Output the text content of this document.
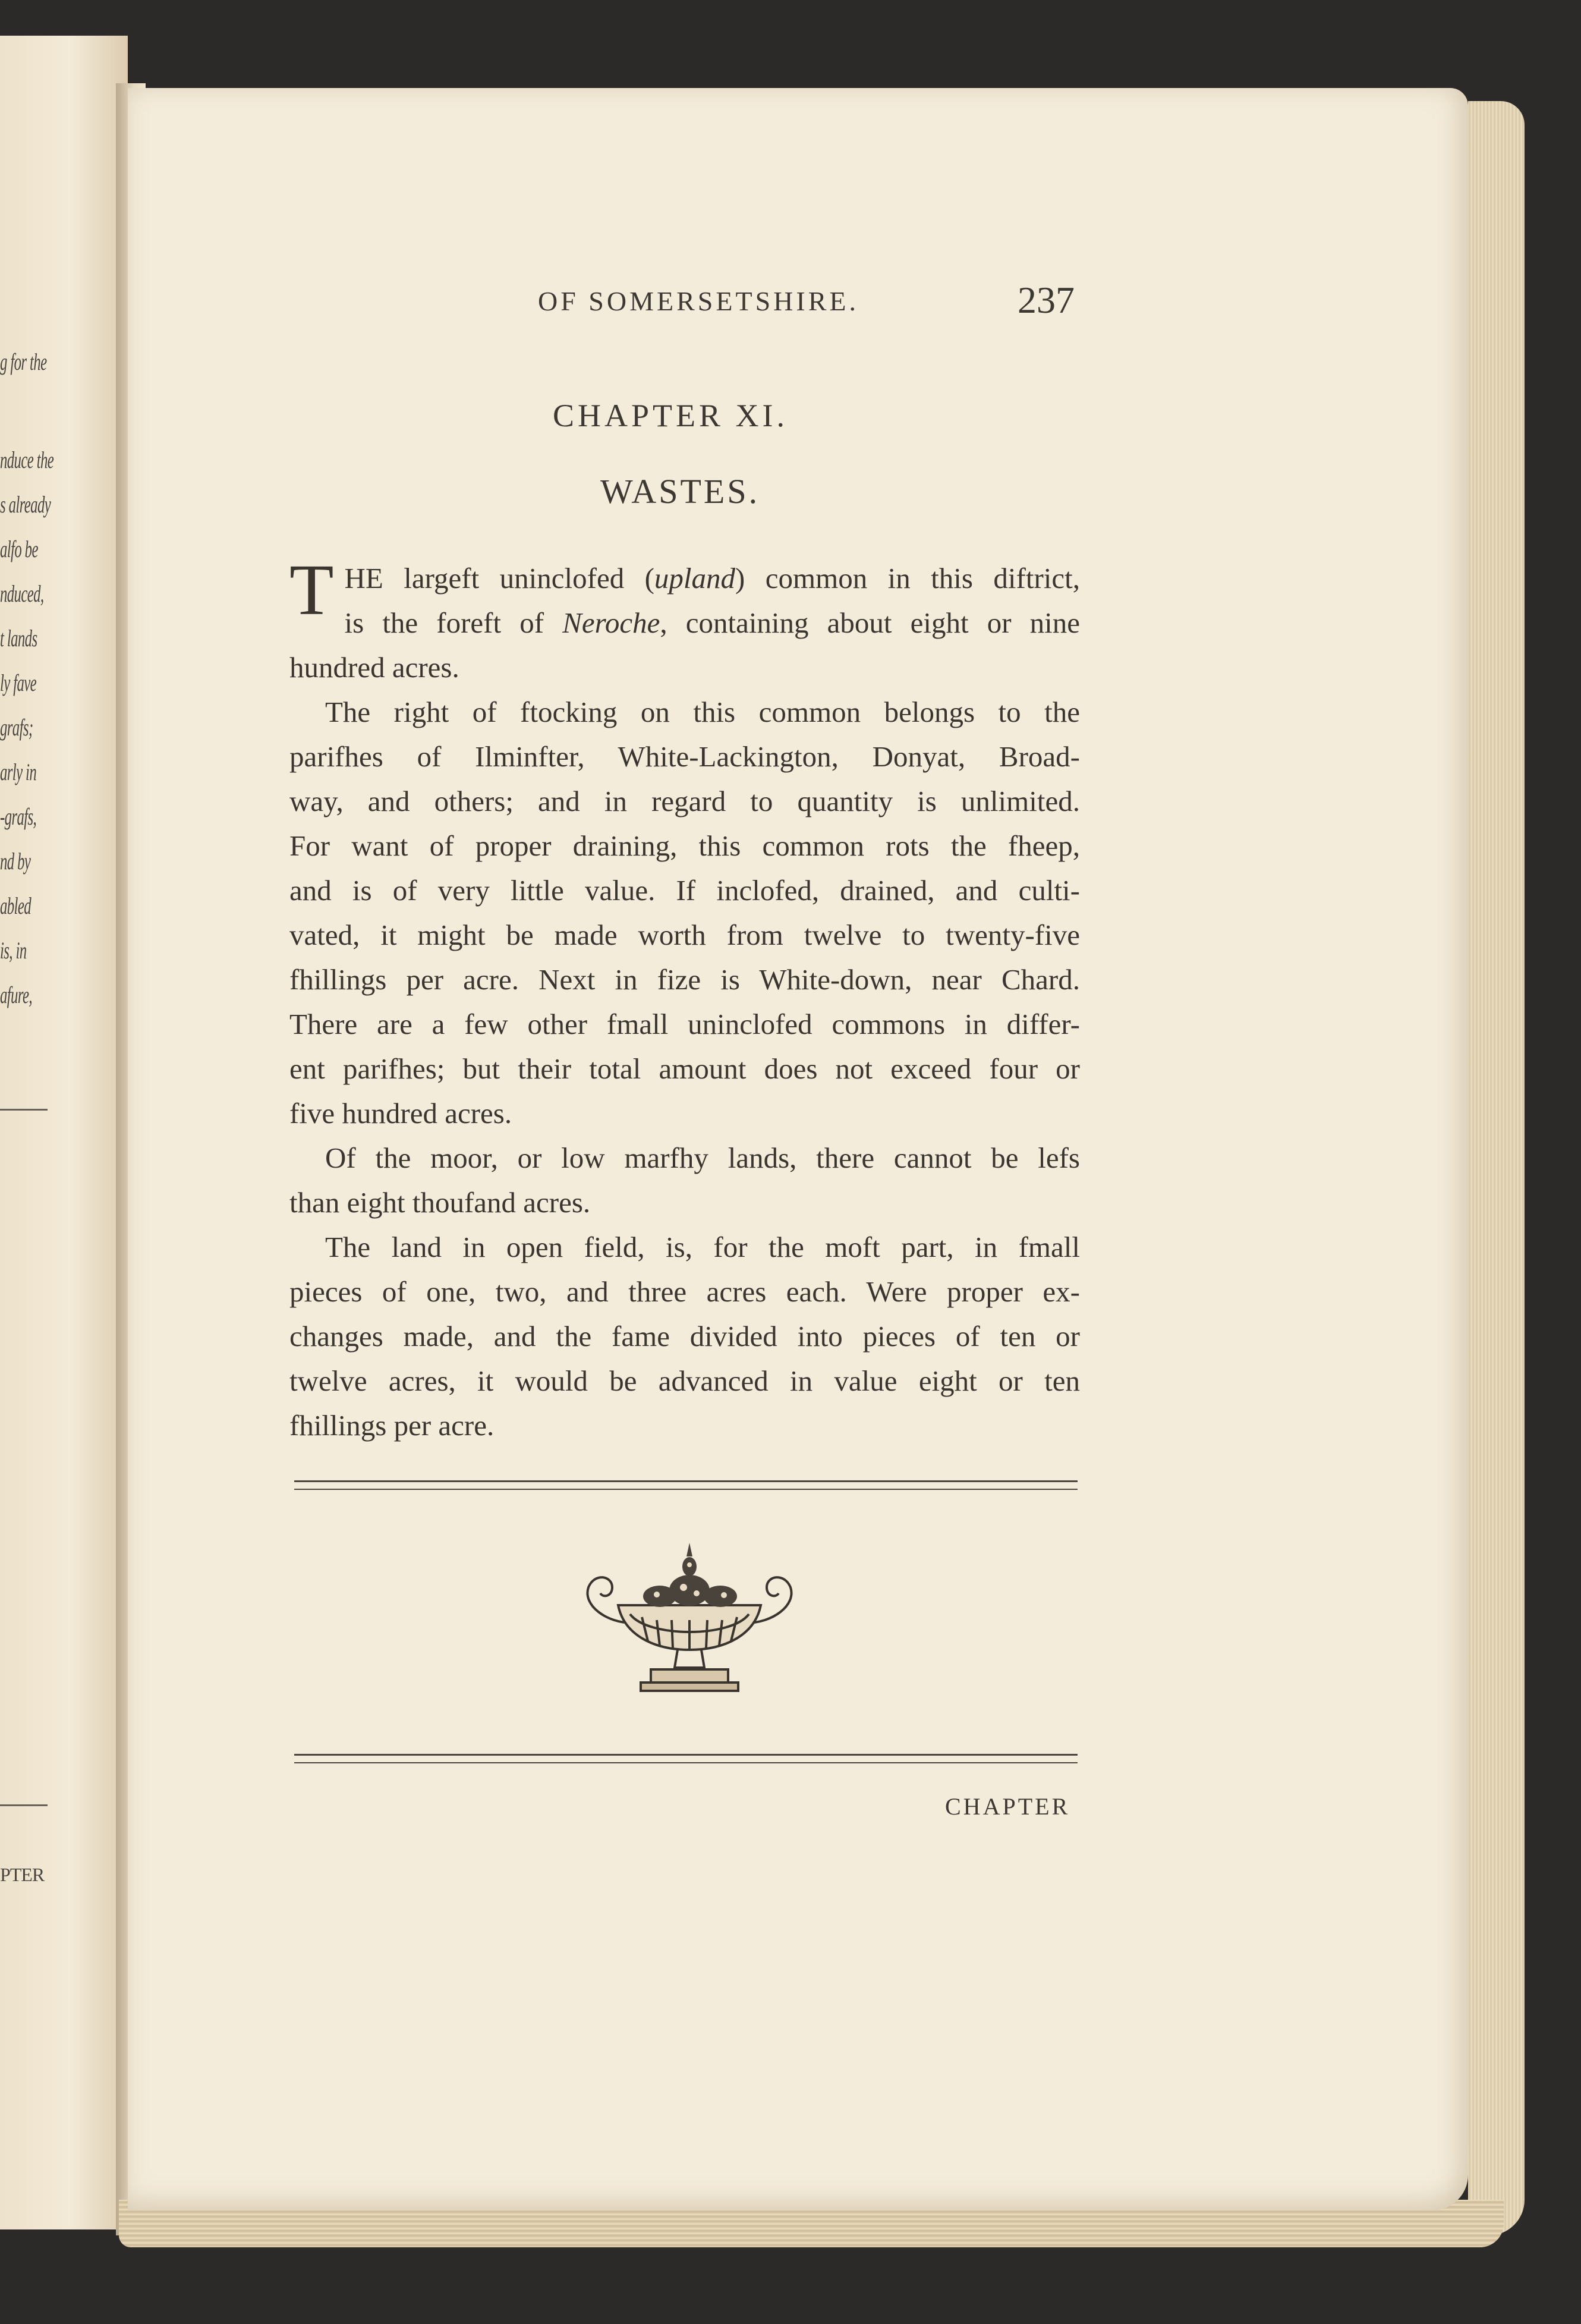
g for the
nduce the
s already
alfo be
nduced,
t lands
ly fave
grafs;
arly in
-grafs,
nd by
abled
is, in
afure,
PTER
OF SOMERSETSHIRE.	237
CHAPTER XI.
WASTES.
T HE largeft uninclofed (upland) common in this diftrict,

is the foreft of Neroche, containing about eight or nine

hundred acres.

The right of ftocking on this common belongs to the

parifhes of Ilminfter, White-Lackington, Donyat, Broad-

way, and others; and in regard to quantity is unlimited.

For want of proper draining, this common rots the fheep,

and is of very little value. If inclofed, drained, and culti-

vated, it might be made worth from twelve to twenty-five

fhillings per acre. Next in fize is White-down, near Chard.

There are a few other fmall uninclofed commons in differ-

ent parifhes; but their total amount does not exceed four or

five hundred acres.

Of the moor, or low marfhy lands, there cannot be lefs

than eight thoufand acres.

The land in open field, is, for the moft part, in fmall

pieces of one, two, and three acres each. Were proper ex-

changes made, and the fame divided into pieces of ten or

twelve acres, it would be advanced in value eight or ten

fhillings per acre.

CHAPTER
